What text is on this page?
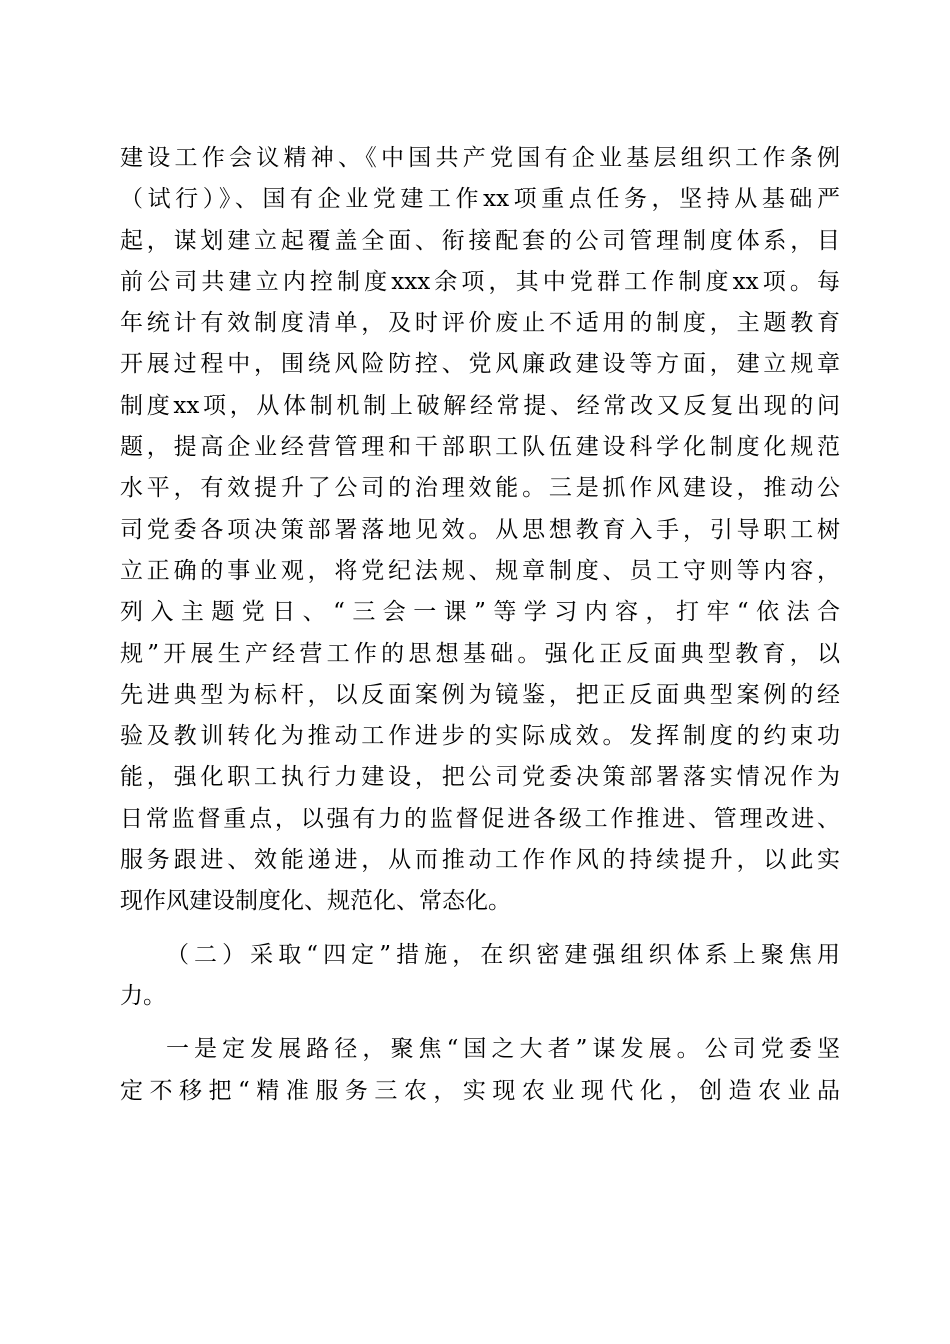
建设工作会议精神、《中国共产党国有企业基层组织工作条例
（试行）》、国有企业党建工作xx项重点任务，坚持从基础严
起，谋划建立起覆盖全面、衔接配套的公司管理制度体系，目
前公司共建立内控制度xxx余项，其中党群工作制度xx项。每
年统计有效制度清单，及时评价废止不适用的制度，主题教育
开展过程中，围绕风险防控、党风廉政建设等方面，建立规章
制度xx项，从体制机制上破解经常提、经常改又反复出现的问
题，提高企业经营管理和干部职工队伍建设科学化制度化规范
水平，有效提升了公司的治理效能。三是抓作风建设，推动公
司党委各项决策部署落地见效。从思想教育入手，引导职工树
立正确的事业观，将党纪法规、规章制度、员工守则等内容，
列入主题党日、“三会一课”等学习内容，打牢“依法合
规”开展生产经营工作的思想基础。强化正反面典型教育，以
先进典型为标杆，以反面案例为镜鉴，把正反面典型案例的经
验及教训转化为推动工作进步的实际成效。发挥制度的约束功
能，强化职工执行力建设，把公司党委决策部署落实情况作为
日常监督重点，以强有力的监督促进各级工作推进、管理改进、
服务跟进、效能递进，从而推动工作作风的持续提升，以此实
现作风建设制度化、规范化、常态化。
（二）采取“四定”措施，在织密建强组织体系上聚焦用
力。
一是定发展路径，聚焦“国之大者”谋发展。公司党委坚
定不移把“精准服务三农，实现农业现代化，创造农业品
